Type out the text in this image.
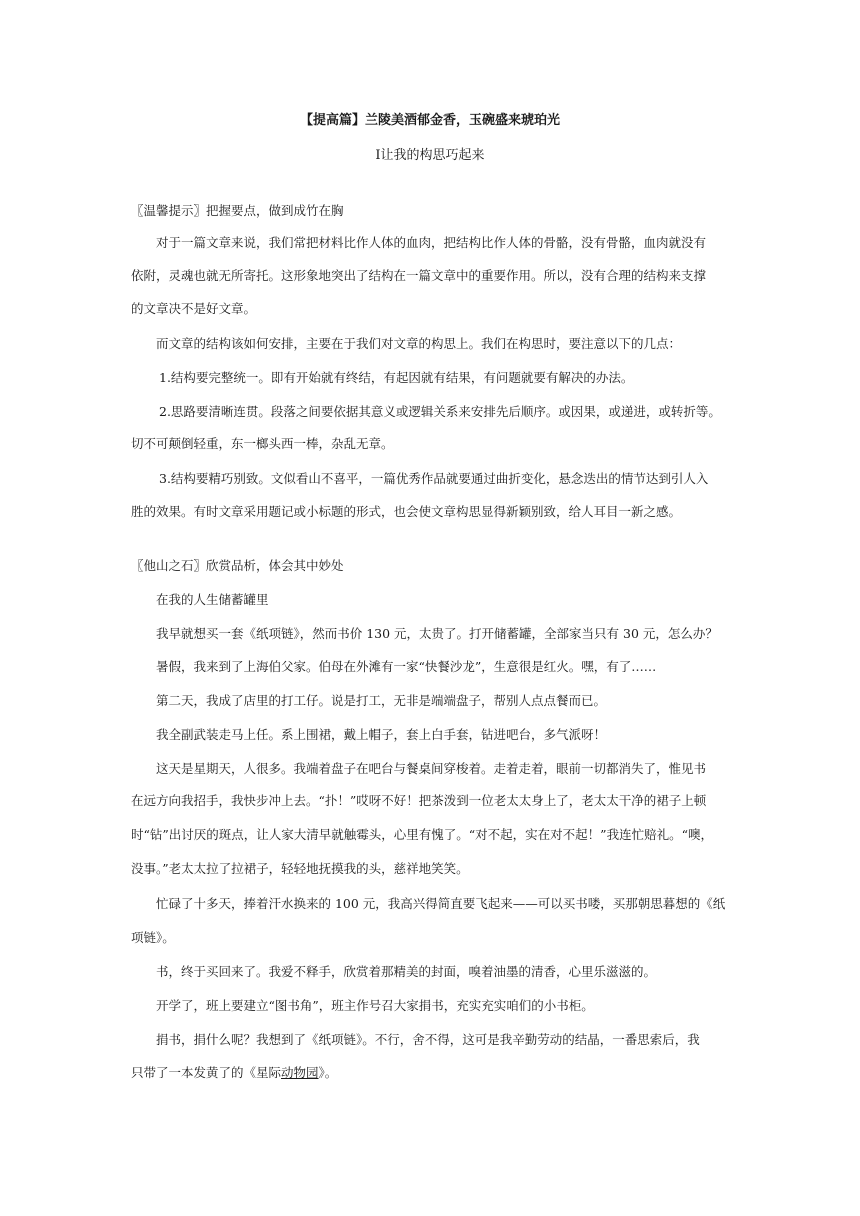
【提高篇】兰陵美酒郁金香，玉碗盛来琥珀光
Ⅰ让我的构思巧起来
〖温馨提示〗把握要点，做到成竹在胸
对于一篇文章来说，我们常把材料比作人体的血肉，把结构比作人体的骨骼，没有骨骼，血肉就没有
依附，灵魂也就无所寄托。这形象地突出了结构在一篇文章中的重要作用。所以，没有合理的结构来支撑
的文章决不是好文章。
而文章的结构该如何安排，主要在于我们对文章的构思上。我们在构思时，要注意以下的几点：
1.结构要完整统一。即有开始就有终结，有起因就有结果，有问题就要有解决的办法。
2.思路要清晰连贯。段落之间要依据其意义或逻辑关系来安排先后顺序。或因果，或递进，或转折等。
切不可颠倒轻重，东一榔头西一棒，杂乱无章。
3.结构要精巧别致。文似看山不喜平，一篇优秀作品就要通过曲折变化，悬念迭出的情节达到引人入
胜的效果。有时文章采用题记或小标题的形式，也会使文章构思显得新颖别致，给人耳目一新之感。
〖他山之石〗欣赏品析，体会其中妙处
在我的人生储蓄罐里
我早就想买一套《纸项链》，然而书价 130 元，太贵了。打开储蓄罐，全部家当只有 30 元，怎么办？
暑假，我来到了上海伯父家。伯母在外滩有一家“快餐沙龙”，生意很是红火。嘿，有了……
第二天，我成了店里的打工仔。说是打工，无非是端端盘子，帮别人点点餐而已。
我全副武装走马上任。系上围裙，戴上帽子，套上白手套，钻进吧台，多气派呀！
这天是星期天，人很多。我端着盘子在吧台与餐桌间穿梭着。走着走着，眼前一切都消失了，惟见书
在远方向我招手，我快步冲上去。“扑！”哎呀不好！把茶泼到一位老太太身上了，老太太干净的裙子上顿
时“钻”出讨厌的斑点，让人家大清早就触霉头，心里有愧了。“对不起，实在对不起！”我连忙赔礼。“噢，
没事。”老太太拉了拉裙子，轻轻地抚摸我的头，慈祥地笑笑。
忙碌了十多天，捧着汗水换来的 100 元，我高兴得简直要飞起来——可以买书喽，买那朝思暮想的《纸
项链》。
书，终于买回来了。我爱不释手，欣赏着那精美的封面，嗅着油墨的清香，心里乐滋滋的。
开学了，班上要建立“图书角”，班主作号召大家捐书，充实充实咱们的小书柜。
捐书，捐什么呢？我想到了《纸项链》。不行，舍不得，这可是我辛勤劳动的结晶，一番思索后，我
只带了一本发黄了的《星际动物园》。
